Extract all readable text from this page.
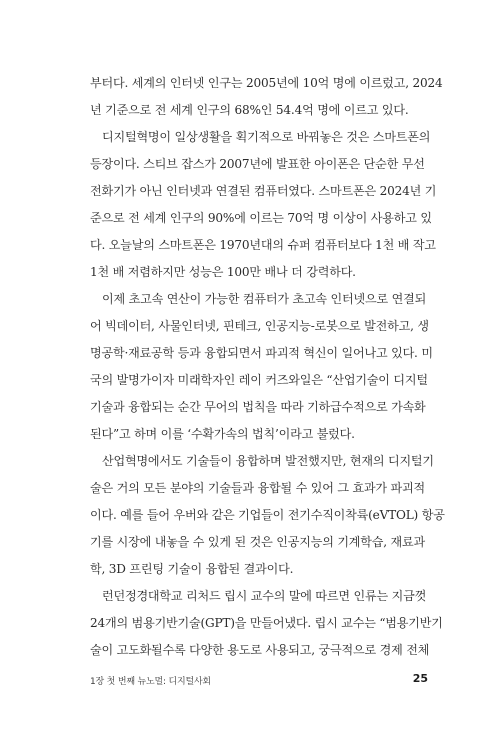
부터다. 세계의 인터넷 인구는 2005년에 10억 명에 이르렀고, 2024
년 기준으로 전 세계 인구의 68%인 54.4억 명에 이르고 있다.
디지털혁명이 일상생활을 획기적으로 바꿔놓은 것은 스마트폰의
등장이다. 스티브 잡스가 2007년에 발표한 아이폰은 단순한 무선
전화기가 아닌 인터넷과 연결된 컴퓨터였다. 스마트폰은 2024년 기
준으로 전 세계 인구의 90%에 이르는 70억 명 이상이 사용하고 있
다. 오늘날의 스마트폰은 1970년대의 슈퍼 컴퓨터보다 1천 배 작고
1천 배 저렴하지만 성능은 100만 배나 더 강력하다.
이제 초고속 연산이 가능한 컴퓨터가 초고속 인터넷으로 연결되
어 빅데이터, 사물인터넷, 핀테크, 인공지능-로봇으로 발전하고, 생
명공학·재료공학 등과 융합되면서 파괴적 혁신이 일어나고 있다. 미
국의 발명가이자 미래학자인 레이 커즈와일은 “산업기술이 디지털
기술과 융합되는 순간 무어의 법칙을 따라 기하급수적으로 가속화
된다”고 하며 이를 ‘수확가속의 법칙’이라고 불렀다.
산업혁명에서도 기술들이 융합하며 발전했지만, 현재의 디지털기
술은 거의 모든 분야의 기술들과 융합될 수 있어 그 효과가 파괴적
이다. 예를 들어 우버와 같은 기업들이 전기수직이착륙(eVTOL) 항공
기를 시장에 내놓을 수 있게 된 것은 인공지능의 기계학습, 재료과
학, 3D 프린팅 기술이 융합된 결과이다.
런던정경대학교 리처드 립시 교수의 말에 따르면 인류는 지금껏
24개의 범용기반기술(GPT)을 만들어냈다. 립시 교수는 “범용기반기
술이 고도화될수록 다양한 용도로 사용되고, 궁극적으로 경제 전체
1장 첫 번째 뉴노멀: 디지털사회	25
